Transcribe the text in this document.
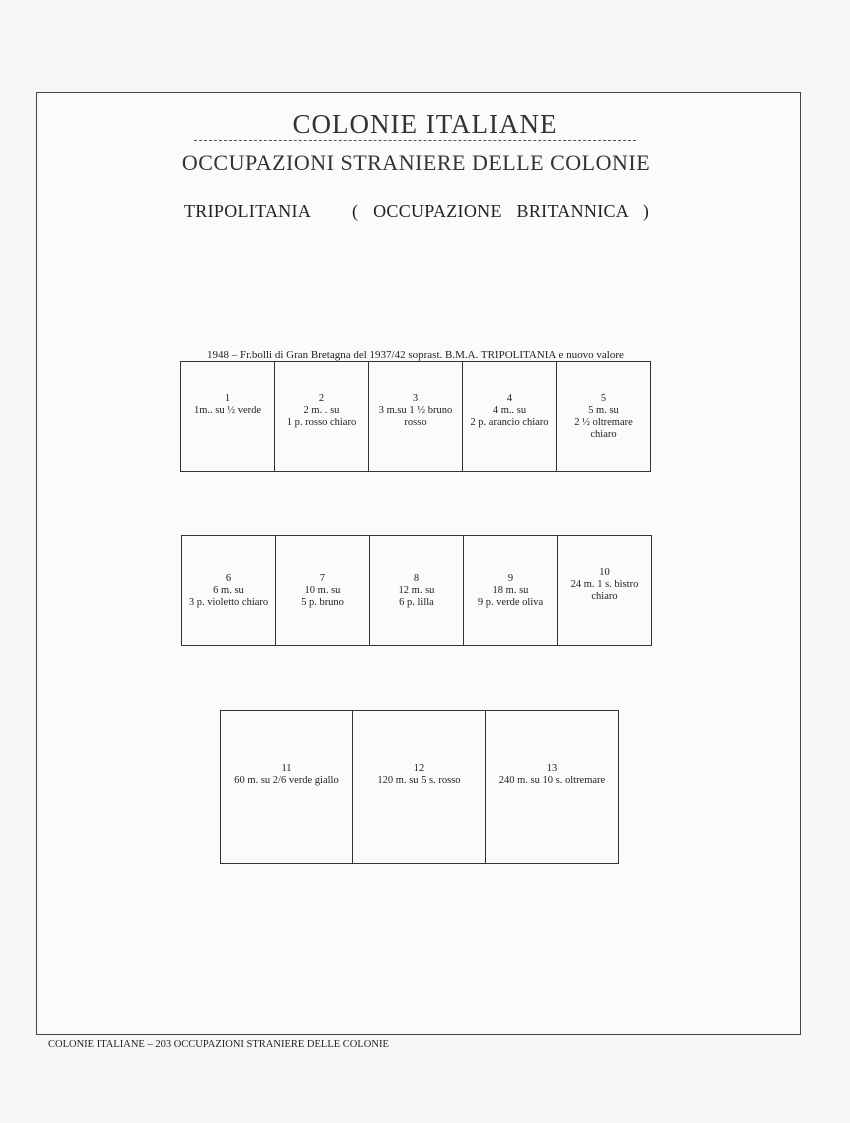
COLONIE ITALIANE
OCCUPAZIONI STRANIERE DELLE COLONIE
TRIPOLITANIA ( OCCUPAZIONE BRITANNICA )
1948 – Fr.bolli di Gran Bretagna del 1937/42 soprast. B.M.A. TRIPOLITANIA e nuovo valore
1
1m.. su ½ verde
2
2 m. . su
1 p. rosso chiaro
3
3 m.su 1 ½ bruno
rosso
4
4 m.. su
2 p. arancio chiaro
5
5 m. su
2 ½ oltremare
chiaro
6
6 m. su
3 p. violetto chiaro
7
10 m. su
5 p. bruno
8
12 m. su
6 p. lilla
9
18 m. su
9 p. verde oliva
10
24 m. 1 s. bistro
chiaro
11
60 m. su 2/6 verde giallo
12
120 m. su 5 s. rosso
13
240 m. su 10 s. oltremare
COLONIE ITALIANE – 203 OCCUPAZIONI STRANIERE DELLE COLONIE
